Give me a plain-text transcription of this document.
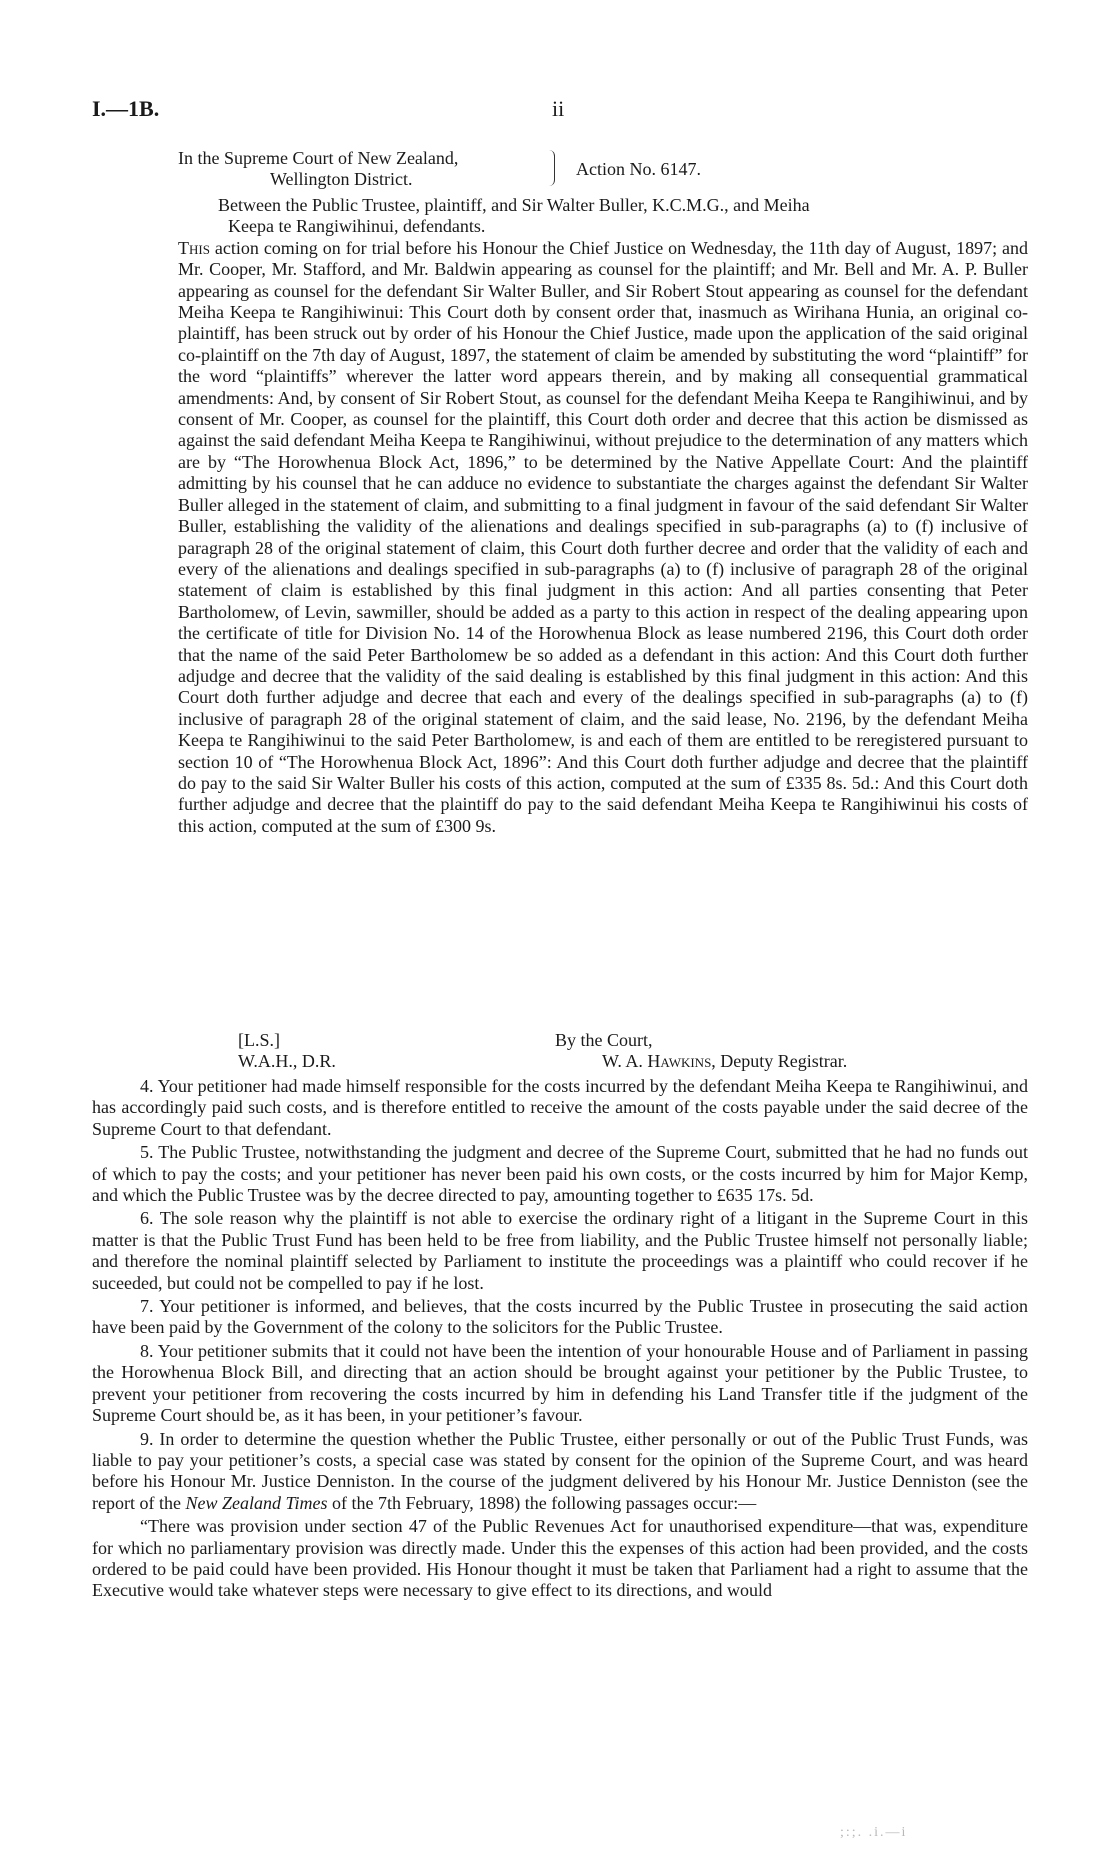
I.—1B.	ii
In the Supreme Court of New Zealand,
Wellington District.	Action No. 6147.

Between the Public Trustee, plaintiff, and Sir Walter Buller, K.C.M.G., and Meiha

Keepa te Rangiwihinui, defendants.

This action coming on for trial before his Honour the Chief Justice on Wednesday, the 11th day of August, 1897; and Mr. Cooper, Mr. Stafford, and Mr. Baldwin appearing as counsel for the plaintiff; and Mr. Bell and Mr. A. P. Buller appearing as counsel for the defendant Sir Walter Buller, and Sir Robert Stout appearing as counsel for the defendant Meiha Keepa te Rangihiwinui: This Court doth by consent order that, inasmuch as Wirihana Hunia, an original co-plaintiff, has been struck out by order of his Honour the Chief Justice, made upon the application of the said original co-plaintiff on the 7th day of August, 1897, the statement of claim be amended by substituting the word “plaintiff” for the word “plaintiffs” wherever the latter word appears therein, and by making all consequential grammatical amendments: And, by consent of Sir Robert Stout, as counsel for the defendant Meiha Keepa te Rangihiwinui, and by consent of Mr. Cooper, as counsel for the plaintiff, this Court doth order and decree that this action be dismissed as against the said defendant Meiha Keepa te Rangihiwinui, without prejudice to the determination of any matters which are by “The Horowhenua Block Act, 1896,” to be determined by the Native Appellate Court: And the plaintiff admitting by his counsel that he can adduce no evidence to substantiate the charges against the defendant Sir Walter Buller alleged in the statement of claim, and submitting to a final judgment in favour of the said defendant Sir Walter Buller, establishing the validity of the alienations and dealings specified in sub-paragraphs (a) to (f) inclusive of paragraph 28 of the original statement of claim, this Court doth further decree and order that the validity of each and every of the alienations and dealings specified in sub-paragraphs (a) to (f) inclusive of paragraph 28 of the original statement of claim is established by this final judgment in this action: And all parties consenting that Peter Bartholomew, of Levin, sawmiller, should be added as a party to this action in respect of the dealing appearing upon the certificate of title for Division No. 14 of the Horowhenua Block as lease numbered 2196, this Court doth order that the name of the said Peter Bartholomew be so added as a defendant in this action: And this Court doth further adjudge and decree that the validity of the said dealing is established by this final judgment in this action: And this Court doth further adjudge and decree that each and every of the dealings specified in sub-paragraphs (a) to (f) inclusive of paragraph 28 of the original statement of claim, and the said lease, No. 2196, by the defendant Meiha Keepa te Rangihiwinui to the said Peter Bartholomew, is and each of them are entitled to be reregistered pursuant to section 10 of “The Horowhenua Block Act, 1896”: And this Court doth further adjudge and decree that the plaintiff do pay to the said Sir Walter Buller his costs of this action, computed at the sum of £335 8s. 5d.: And this Court doth further adjudge and decree that the plaintiff do pay to the said defendant Meiha Keepa te Rangihiwinui his costs of this action, computed at the sum of £300 9s.

[L.S.]	By the Court,
W.A.H., D.R.	W. A. Hawkins, Deputy Registrar.

4. Your petitioner had made himself responsible for the costs incurred by the defendant Meiha Keepa te Rangihiwinui, and has accordingly paid such costs, and is therefore entitled to receive the amount of the costs payable under the said decree of the Supreme Court to that defendant.

5. The Public Trustee, notwithstanding the judgment and decree of the Supreme Court, submitted that he had no funds out of which to pay the costs; and your petitioner has never been paid his own costs, or the costs incurred by him for Major Kemp, and which the Public Trustee was by the decree directed to pay, amounting together to £635 17s. 5d.

6. The sole reason why the plaintiff is not able to exercise the ordinary right of a litigant in the Supreme Court in this matter is that the Public Trust Fund has been held to be free from liability, and the Public Trustee himself not personally liable; and therefore the nominal plaintiff selected by Parliament to institute the proceedings was a plaintiff who could recover if he suceeded, but could not be compelled to pay if he lost.

7. Your petitioner is informed, and believes, that the costs incurred by the Public Trustee in prosecuting the said action have been paid by the Government of the colony to the solicitors for the Public Trustee.

8. Your petitioner submits that it could not have been the intention of your honourable House and of Parliament in passing the Horowhenua Block Bill, and directing that an action should be brought against your petitioner by the Public Trustee, to prevent your petitioner from recovering the costs incurred by him in defending his Land Transfer title if the judgment of the Supreme Court should be, as it has been, in your petitioner’s favour.

9. In order to determine the question whether the Public Trustee, either personally or out of the Public Trust Funds, was liable to pay your petitioner’s costs, a special case was stated by consent for the opinion of the Supreme Court, and was heard before his Honour Mr. Justice Denniston. In the course of the judgment delivered by his Honour Mr. Justice Denniston (see the report of the New Zealand Times of the 7th February, 1898) the following passages occur:—

“There was provision under section 47 of the Public Revenues Act for unauthorised expenditure—that was, expenditure for which no parliamentary provision was directly made. Under this the expenses of this action had been provided, and the costs ordered to be paid could have been provided. His Honour thought it must be taken that Parliament had a right to assume that the Executive would take whatever steps were necessary to give effect to its directions, and would

;:;. .i.—i
